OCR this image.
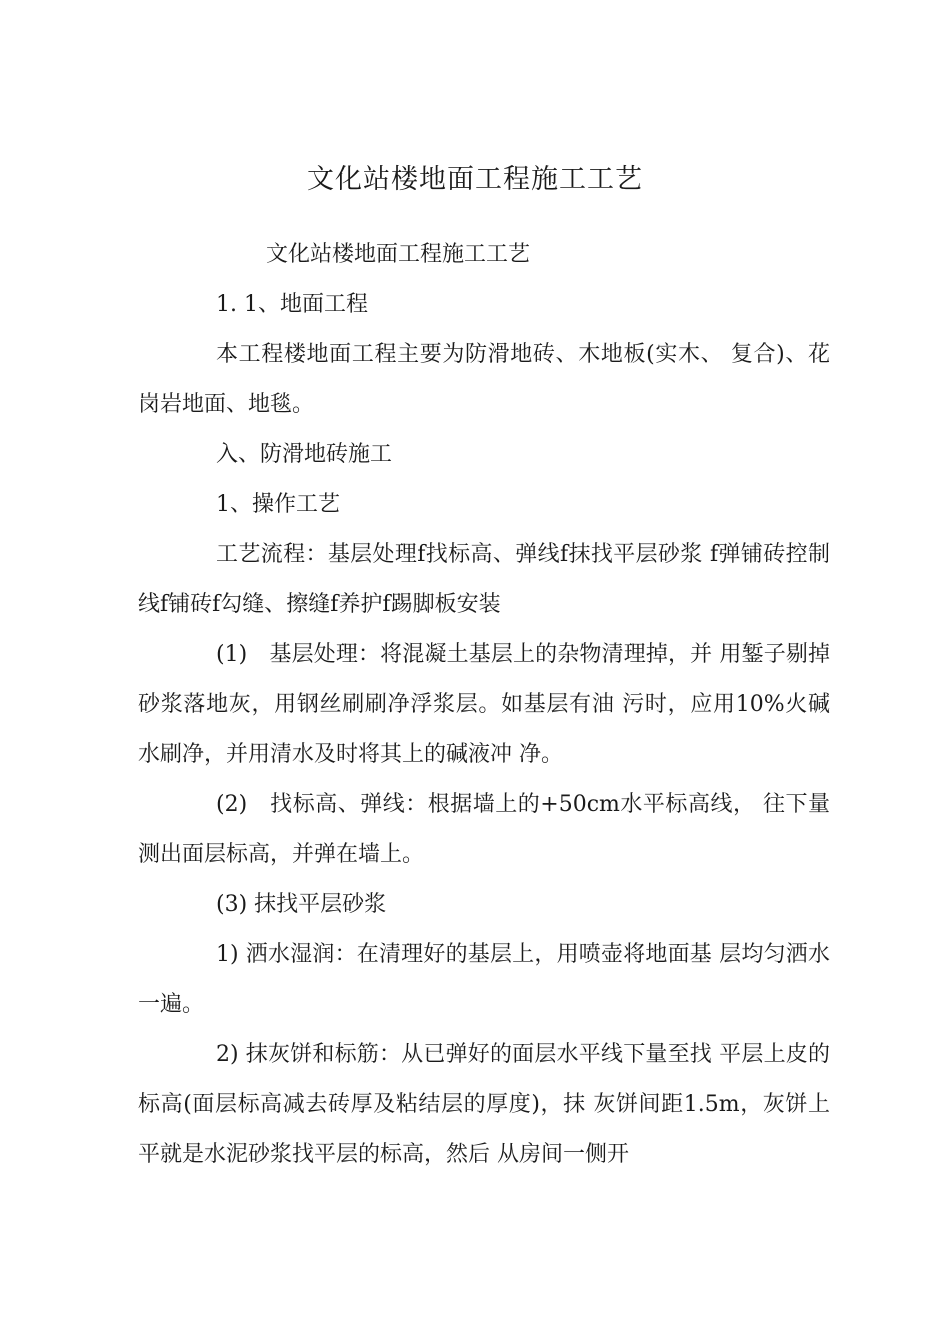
文化站楼地面工程施工工艺

文化站楼地面工程施工工艺

1. 1、地面工程

本工程楼地面工程主要为防滑地砖、木地板(实木、 复合)、花岗岩地面、地毯。

入、防滑地砖施工

1、操作工艺

工艺流程：基层处理f找标高、弹线f抹找平层砂浆 f弹铺砖控制线f铺砖f勾缝、擦缝f养护f踢脚板安装

(1)　基层处理：将混凝土基层上的杂物清理掉，并 用錾子剔掉砂浆落地灰，用钢丝刷刷净浮浆层。如基层有油 污时，应用10%火碱水刷净，并用清水及时将其上的碱液冲 净。

(2)　找标高、弹线：根据墙上的+50cm水平标高线， 往下量测出面层标高，并弹在墙上。

(3) 抹找平层砂浆

1) 洒水湿润：在清理好的基层上，用喷壶将地面基 层均匀洒水一遍。

2) 抹灰饼和标筋：从已弹好的面层水平线下量至找 平层上皮的标高(面层标高减去砖厚及粘结层的厚度)，抹 灰饼间距1.5m，灰饼上平就是水泥砂浆找平层的标高，然后 从房间一侧开
